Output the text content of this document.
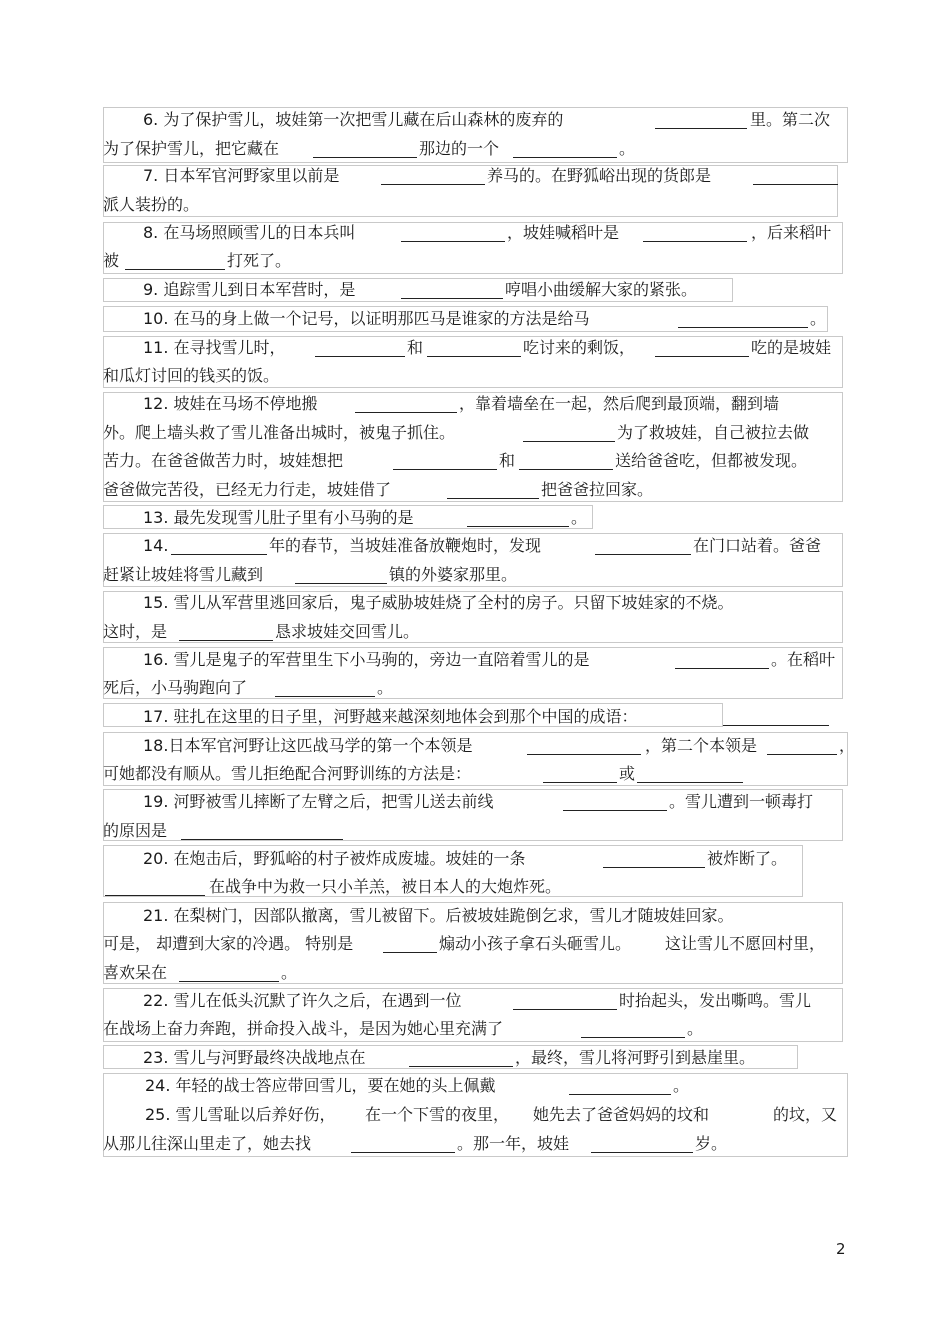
6. 为了保护雪儿，坡娃第一次把雪儿藏在后山森林的废弃的	里。第二次
为了保护雪儿，把它藏在	那边的一个	。
7. 日本军官河野家里以前是	养马的。在野狐峪出现的货郎是
派人装扮的。
8. 在马场照顾雪儿的日本兵叫	，坡娃喊稻叶是	，后来稻叶
被	打死了。
9. 追踪雪儿到日本军营时，是	哼唱小曲缓解大家的紧张。
10. 在马的身上做一个记号，以证明那匹马是谁家的方法是给马	。
11. 在寻找雪儿时，	和	吃讨来的剩饭，	吃的是坡娃
和瓜灯讨回的钱买的饭。
12. 坡娃在马场不停地搬	，靠着墙垒在一起，然后爬到最顶端，翻到墙
外。爬上墙头救了雪儿准备出城时，被鬼子抓住。	为了救坡娃，自己被拉去做
苦力。在爸爸做苦力时，坡娃想把	和	送给爸爸吃，但都被发现。
爸爸做完苦役，已经无力行走，坡娃借了	把爸爸拉回家。
13. 最先发现雪儿肚子里有小马驹的是	。
14.	年的春节，当坡娃准备放鞭炮时，发现	在门口站着。爸爸
赶紧让坡娃将雪儿藏到	镇的外婆家那里。
15. 雪儿从军营里逃回家后，鬼子威胁坡娃烧了全村的房子。只留下坡娃家的不烧。
这时，是	恳求坡娃交回雪儿。
16. 雪儿是鬼子的军营里生下小马驹的，旁边一直陪着雪儿的是	。在稻叶
死后，小马驹跑向了	。
17. 驻扎在这里的日子里，河野越来越深刻地体会到那个中国的成语：
18.日本军官河野让这匹战马学的第一个本领是	，第二个本领是	，
可她都没有顺从。雪儿拒绝配合河野训练的方法是：	或
19. 河野被雪儿摔断了左臂之后，把雪儿送去前线	。雪儿遭到一顿毒打
的原因是
20. 在炮击后，野狐峪的村子被炸成废墟。坡娃的一条	被炸断了。
在战争中为救一只小羊羔，被日本人的大炮炸死。
21. 在梨树门，因部队撤离，雪儿被留下。后被坡娃跪倒乞求，雪儿才随坡娃回家。
可是， 却遭到大家的冷遇。 特别是	煽动小孩子拿石头砸雪儿。 这让雪儿不愿回村里，
喜欢呆在	。
22. 雪儿在低头沉默了许久之后，在遇到一位	时抬起头，发出嘶鸣。雪儿
在战场上奋力奔跑，拼命投入战斗，是因为她心里充满了	。
23. 雪儿与河野最终决战地点在	，最终，雪儿将河野引到悬崖里。
24. 年轻的战士答应带回雪儿，要在她的头上佩戴	。
25. 雪儿雪耻以后养好伤， 在一个下雪的夜里， 她先去了爸爸妈妈的坟和	的坟，又
从那儿往深山里走了，她去找	。那一年，坡娃	岁。
2
